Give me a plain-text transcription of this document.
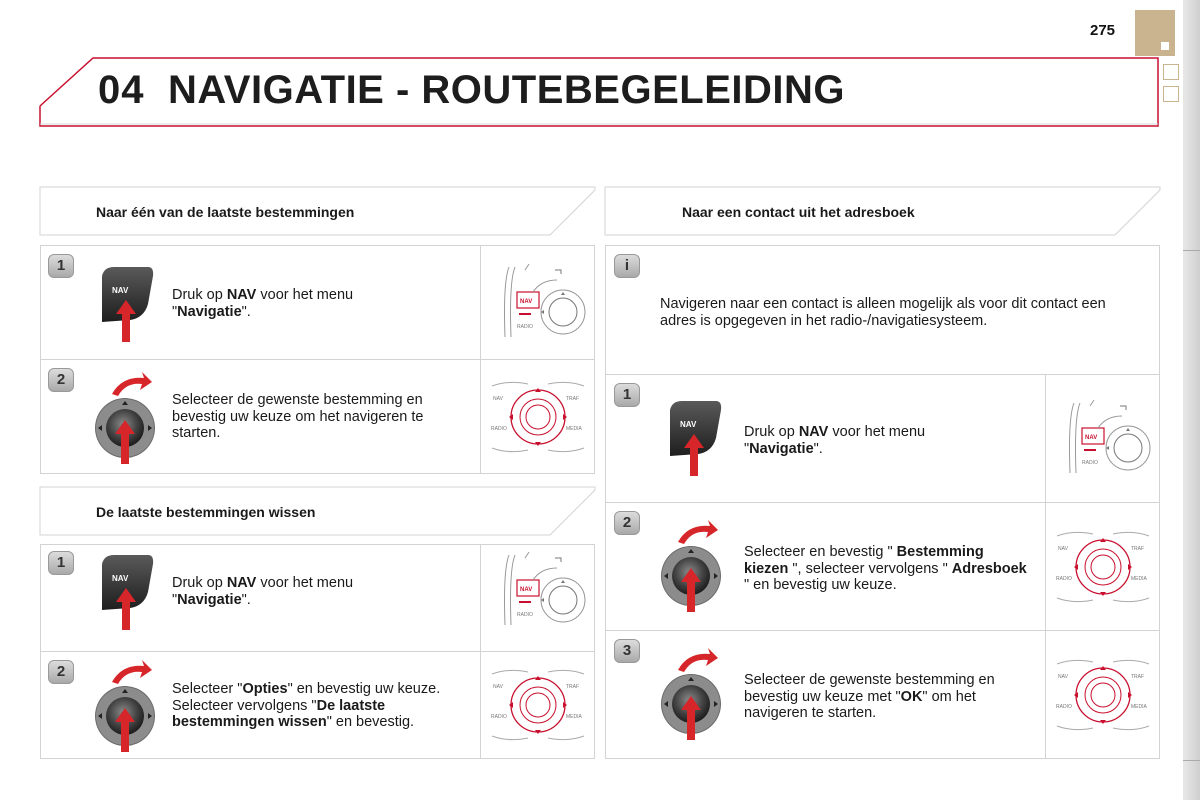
275
04 NAVIGATIE - ROUTEBEGELEIDING
Naar één van de laatste bestemmingen
De laatste bestemmingen wissen
Naar een contact uit het adresboek
1
2
1
2
i
1
2
3
Druk op NAV voor het menu "Navigatie".
Selecteer de gewenste bestemming en bevestig uw keuze om het navigeren te starten.
Druk op NAV voor het menu "Navigatie".
Selecteer "Opties" en bevestig uw keuze. Selecteer vervolgens "De laatste bestemmingen wissen" en bevestig.
Navigeren naar een contact is alleen mogelijk als voor dit contact een adres is opgegeven in het radio-/navigatiesysteem.
Druk op NAV voor het menu "Navigatie".
Selecteer en bevestig " Bestemming kiezen ", selecteer vervolgens " Adresboek " en bevestig uw keuze.
Selecteer de gewenste bestemming en bevestig uw keuze met "OK" om het navigeren te starten.
NAV
NAV
NAV
NAV
RADIO
NAV
RADIO
NAV
RADIO
NAV	TRAF
RADIO	MEDIA
NAV	TRAF
RADIO	MEDIA
NAV	TRAF
RADIO	MEDIA
NAV	TRAF
RADIO	MEDIA
